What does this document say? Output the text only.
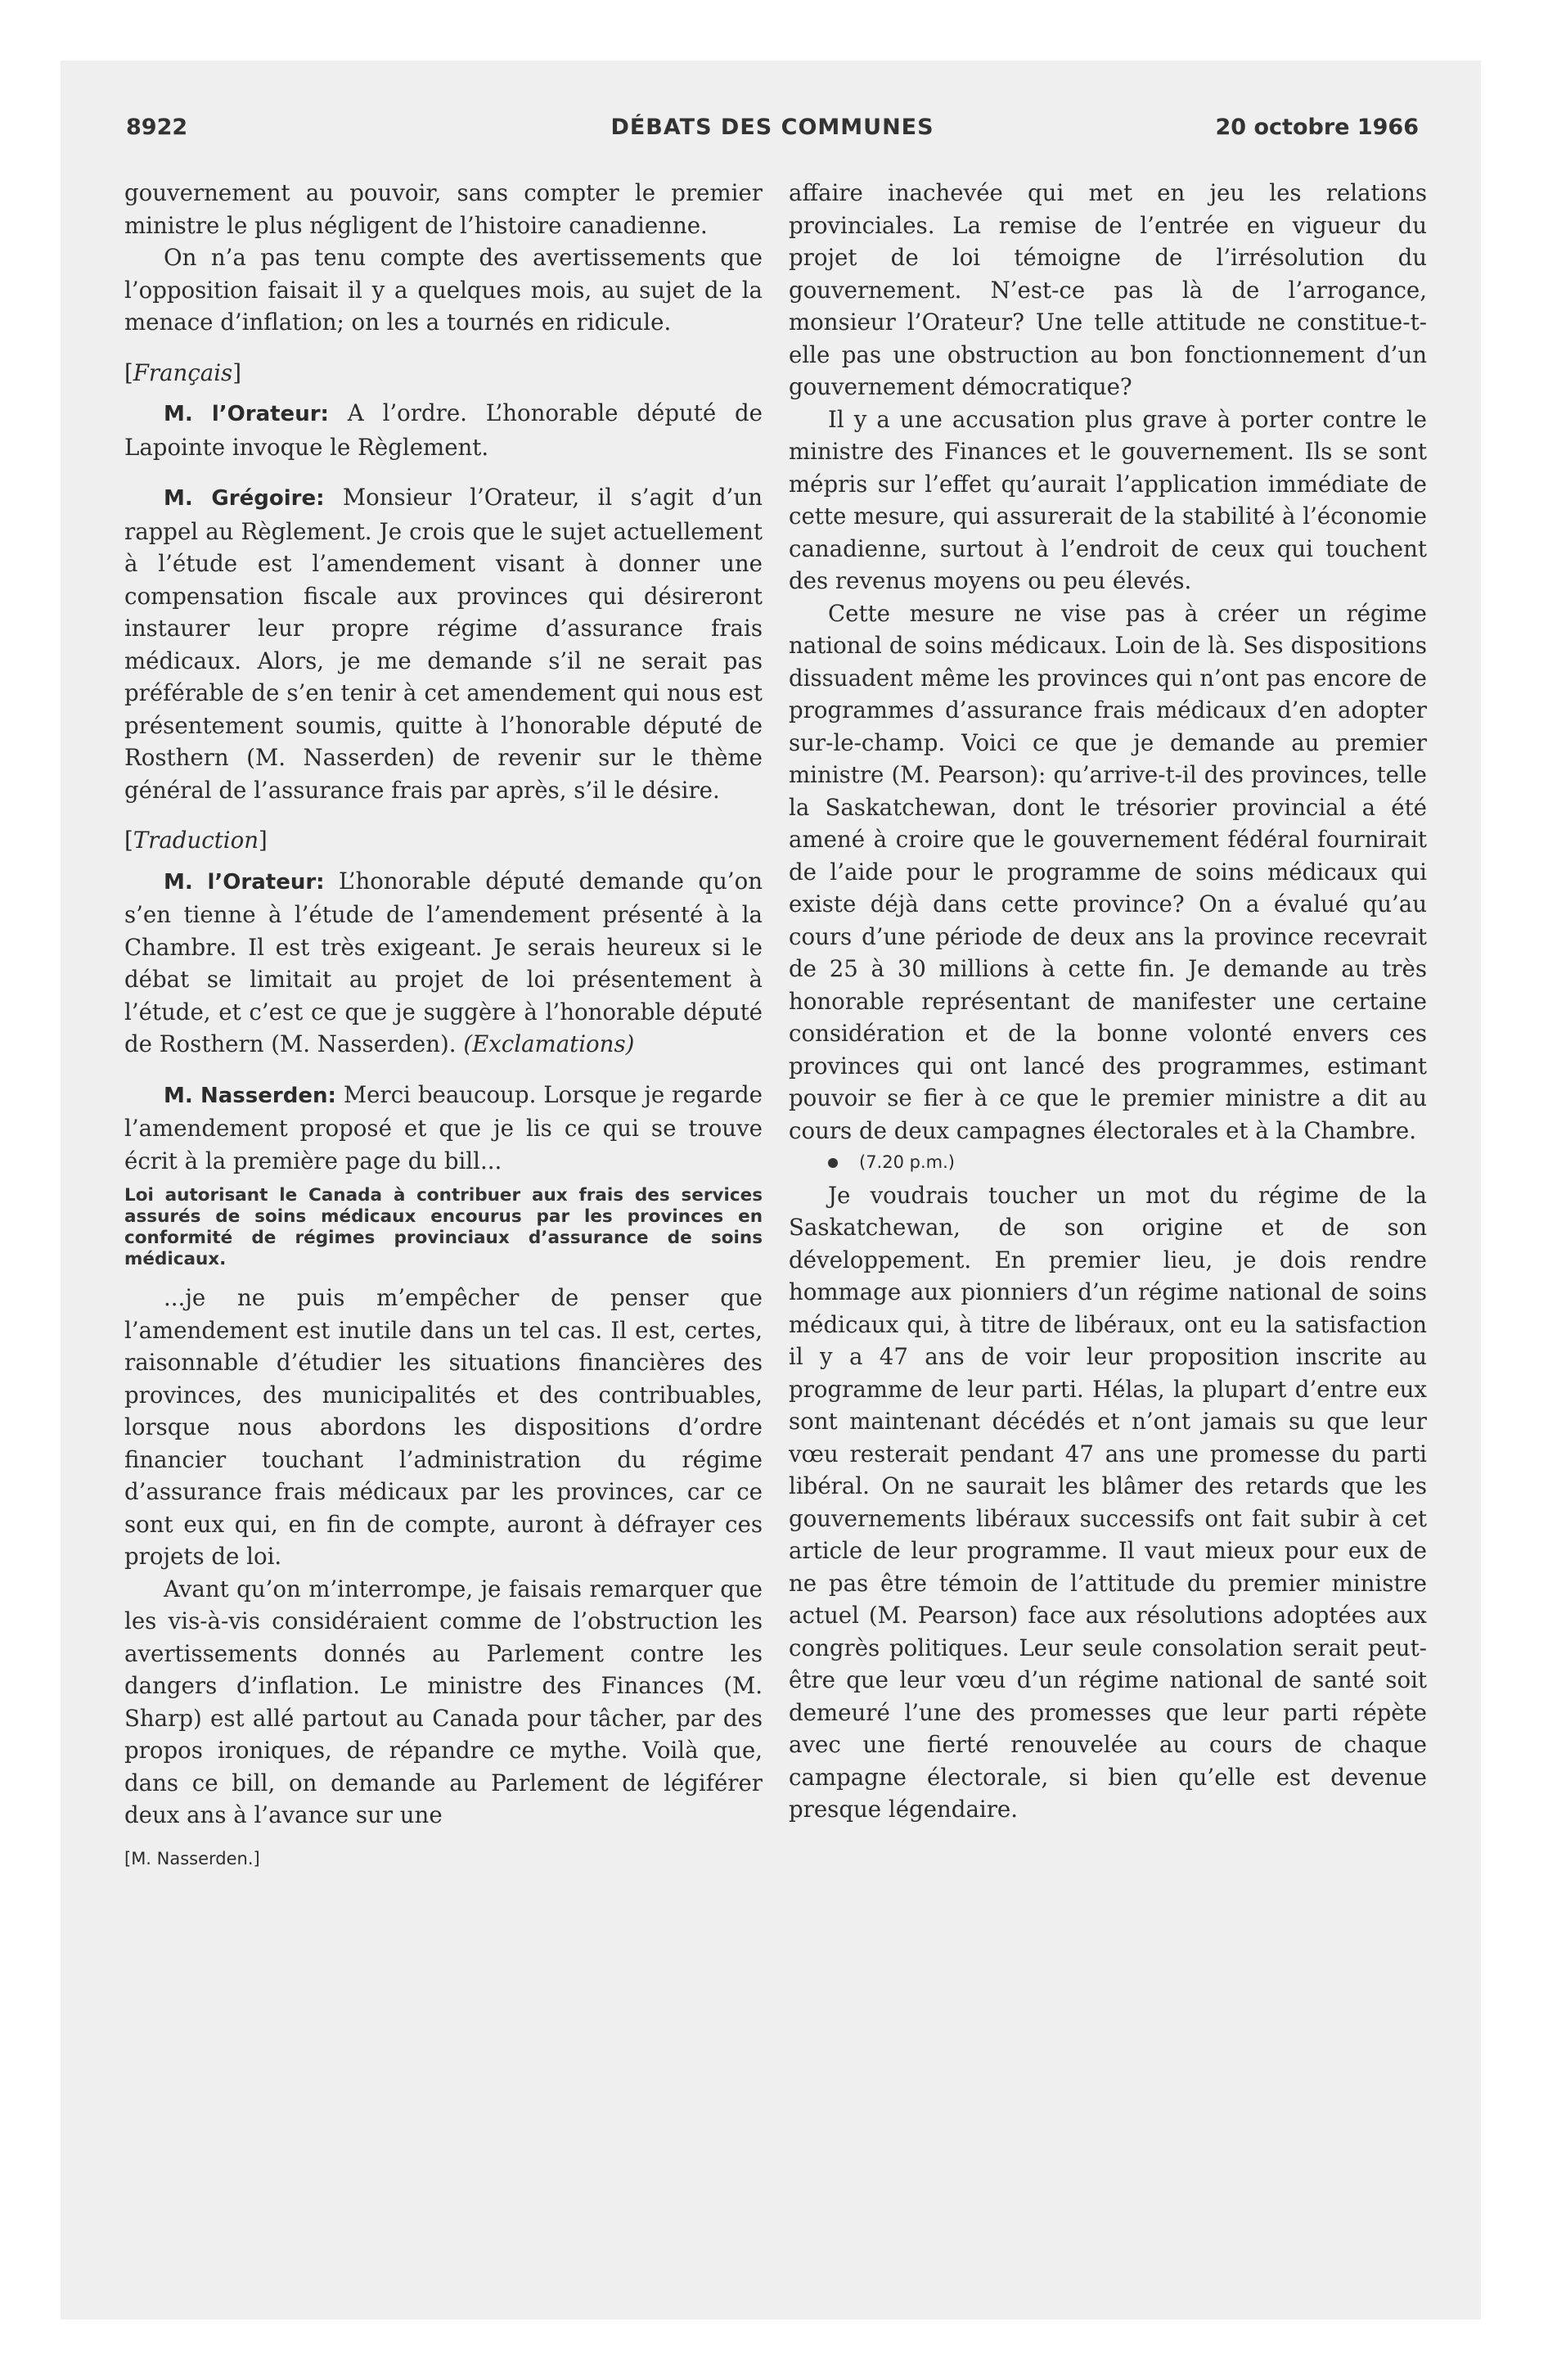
8922	DÉBATS DES COMMUNES	20 octobre 1966

gouvernement au pouvoir, sans compter le premier ministre le plus négligent de l’histoire canadienne.

On n’a pas tenu compte des avertissements que l’opposition faisait il y a quelques mois, au sujet de la menace d’inflation; on les a tournés en ridicule.

[Français]

M. l’Orateur: A l’ordre. L’honorable député de Lapointe invoque le Règlement.

M. Grégoire: Monsieur l’Orateur, il s’agit d’un rappel au Règlement. Je crois que le sujet actuellement à l’étude est l’amendement visant à donner une compensation fiscale aux provinces qui désireront instaurer leur propre régime d’assurance frais médicaux. Alors, je me demande s’il ne serait pas préférable de s’en tenir à cet amendement qui nous est présentement soumis, quitte à l’honorable député de Rosthern (M. Nasserden) de revenir sur le thème général de l’assurance frais par après, s’il le désire.

[Traduction]

M. l’Orateur: L’honorable député demande qu’on s’en tienne à l’étude de l’amendement présenté à la Chambre. Il est très exigeant. Je serais heureux si le débat se limitait au projet de loi présentement à l’étude, et c’est ce que je suggère à l’honorable député de Rosthern (M. Nasserden). (Exclamations)

M. Nasserden: Merci beaucoup. Lorsque je regarde l’amendement proposé et que je lis ce qui se trouve écrit à la première page du bill...

Loi autorisant le Canada à contribuer aux frais des services assurés de soins médicaux encourus par les provinces en conformité de régimes provinciaux d’assurance de soins médicaux.

...je ne puis m’empêcher de penser que l’amendement est inutile dans un tel cas. Il est, certes, raisonnable d’étudier les situations financières des provinces, des municipalités et des contribuables, lorsque nous abordons les dispositions d’ordre financier touchant l’administration du régime d’assurance frais médicaux par les provinces, car ce sont eux qui, en fin de compte, auront à défrayer ces projets de loi.

Avant qu’on m’interrompe, je faisais remarquer que les vis-à-vis considéraient comme de l’obstruction les avertissements donnés au Parlement contre les dangers d’inflation. Le ministre des Finances (M. Sharp) est allé partout au Canada pour tâcher, par des propos ironiques, de répandre ce mythe. Voilà que, dans ce bill, on demande au Parlement de légiférer deux ans à l’avance sur une

[M. Nasserden.]

affaire inachevée qui met en jeu les relations provinciales. La remise de l’entrée en vigueur du projet de loi témoigne de l’irrésolution du gouvernement. N’est-ce pas là de l’arrogance, monsieur l’Orateur? Une telle attitude ne constitue-t-elle pas une obstruction au bon fonctionnement d’un gouvernement démocratique?

Il y a une accusation plus grave à porter contre le ministre des Finances et le gouvernement. Ils se sont mépris sur l’effet qu’aurait l’application immédiate de cette mesure, qui assurerait de la stabilité à l’économie canadienne, surtout à l’endroit de ceux qui touchent des revenus moyens ou peu élevés.

Cette mesure ne vise pas à créer un régime national de soins médicaux. Loin de là. Ses dispositions dissuadent même les provinces qui n’ont pas encore de programmes d’assurance frais médicaux d’en adopter sur-le-champ. Voici ce que je demande au premier ministre (M. Pearson): qu’arrive-t-il des provinces, telle la Saskatchewan, dont le trésorier provincial a été amené à croire que le gouvernement fédéral fournirait de l’aide pour le programme de soins médicaux qui existe déjà dans cette province? On a évalué qu’au cours d’une période de deux ans la province recevrait de 25 à 30 millions à cette fin. Je demande au très honorable représentant de manifester une certaine considération et de la bonne volonté envers ces provinces qui ont lancé des programmes, estimant pouvoir se fier à ce que le premier ministre a dit au cours de deux campagnes électorales et à la Chambre.

(7.20 p.m.)

Je voudrais toucher un mot du régime de la Saskatchewan, de son origine et de son développement. En premier lieu, je dois rendre hommage aux pionniers d’un régime national de soins médicaux qui, à titre de libéraux, ont eu la satisfaction il y a 47 ans de voir leur proposition inscrite au programme de leur parti. Hélas, la plupart d’entre eux sont maintenant décédés et n’ont jamais su que leur vœu resterait pendant 47 ans une promesse du parti libéral. On ne saurait les blâmer des retards que les gouvernements libéraux successifs ont fait subir à cet article de leur programme. Il vaut mieux pour eux de ne pas être témoin de l’attitude du premier ministre actuel (M. Pearson) face aux résolutions adoptées aux congrès politiques. Leur seule consolation serait peut-être que leur vœu d’un régime national de santé soit demeuré l’une des promesses que leur parti répète avec une fierté renouvelée au cours de chaque campagne électorale, si bien qu’elle est devenue presque légendaire.
